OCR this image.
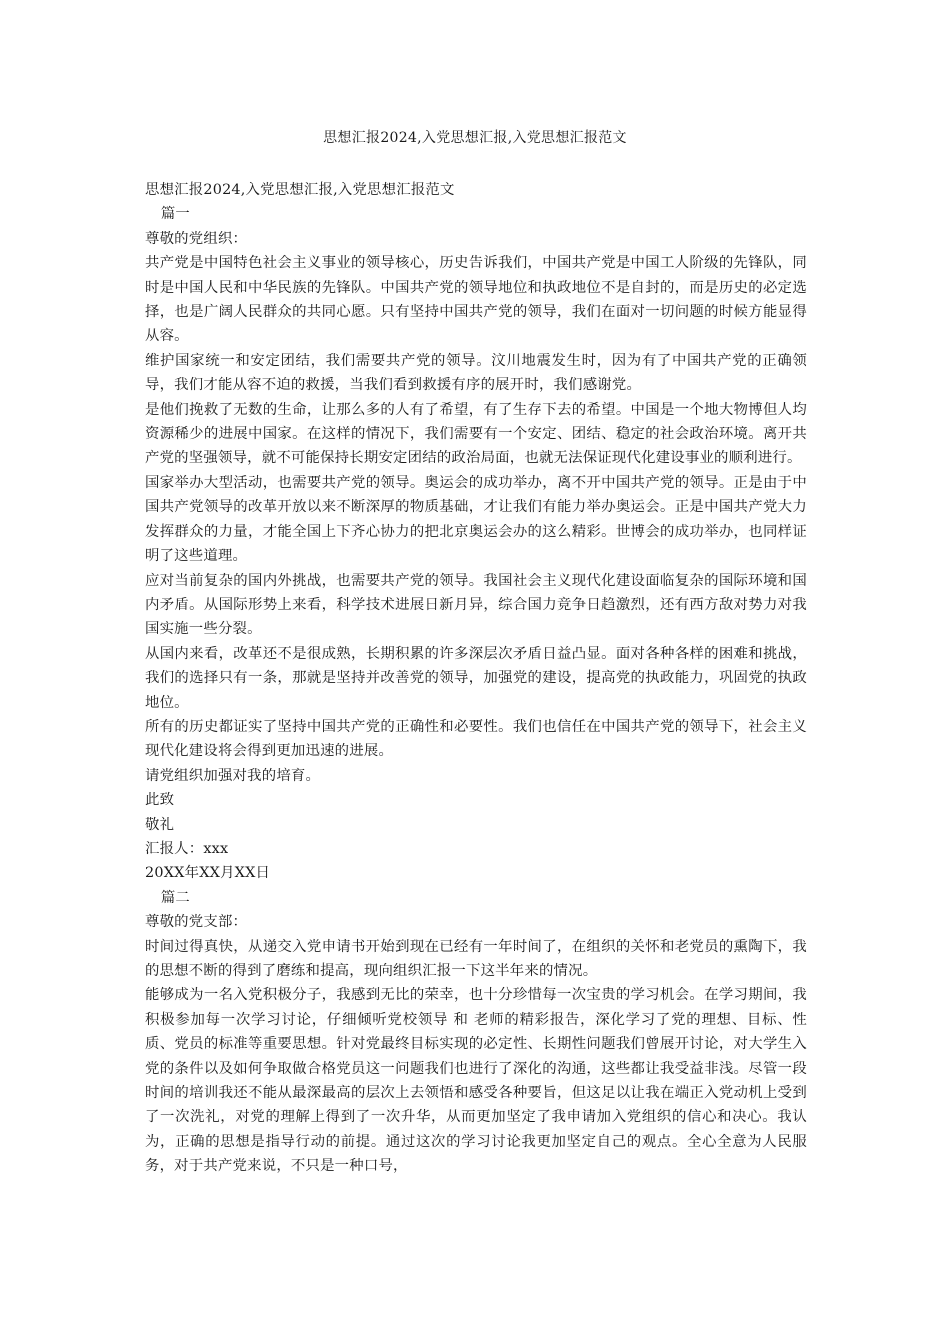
思想汇报2024,入党思想汇报,入党思想汇报范文

思想汇报2024,入党思想汇报,入党思想汇报范文

篇一

尊敬的党组织：

共产党是中国特色社会主义事业的领导核心，历史告诉我们，中国共产党是中国工人阶级的先锋队，同时是中国人民和中华民族的先锋队。中国共产党的领导地位和执政地位不是自封的，而是历史的必定选择，也是广阔人民群众的共同心愿。只有坚持中国共产党的领导，我们在面对一切问题的时候方能显得从容。

维护国家统一和安定团结，我们需要共产党的领导。汶川地震发生时，因为有了中国共产党的正确领导，我们才能从容不迫的救援，当我们看到救援有序的展开时，我们感谢党。

是他们挽救了无数的生命，让那么多的人有了希望，有了生存下去的希望。中国是一个地大物博但人均资源稀少的进展中国家。在这样的情况下，我们需要有一个安定、团结、稳定的社会政治环境。离开共产党的坚强领导，就不可能保持长期安定团结的政治局面，也就无法保证现代化建设事业的顺利进行。

国家举办大型活动，也需要共产党的领导。奥运会的成功举办，离不开中国共产党的领导。正是由于中国共产党领导的改革开放以来不断深厚的物质基础，才让我们有能力举办奥运会。正是中国共产党大力发挥群众的力量，才能全国上下齐心协力的把北京奥运会办的这么精彩。世博会的成功举办，也同样证明了这些道理。

应对当前复杂的国内外挑战，也需要共产党的领导。我国社会主义现代化建设面临复杂的国际环境和国内矛盾。从国际形势上来看，科学技术进展日新月异，综合国力竞争日趋激烈，还有西方敌对势力对我国实施一些分裂。

从国内来看，改革还不是很成熟，长期积累的许多深层次矛盾日益凸显。面对各种各样的困难和挑战，我们的选择只有一条，那就是坚持并改善党的领导，加强党的建设，提高党的执政能力，巩固党的执政地位。

所有的历史都证实了坚持中国共产党的正确性和必要性。我们也信任在中国共产党的领导下，社会主义现代化建设将会得到更加迅速的进展。

请党组织加强对我的培育。

此致

敬礼

汇报人：xxx

20XX年XX月XX日

篇二

尊敬的党支部：

时间过得真快，从递交入党申请书开始到现在已经有一年时间了，在组织的关怀和老党员的熏陶下，我的思想不断的得到了磨练和提高，现向组织汇报一下这半年来的情况。

能够成为一名入党积极分子，我感到无比的荣幸，也十分珍惜每一次宝贵的学习机会。在学习期间，我积极参加每一次学习讨论，仔细倾听党校领导 和 老师的精彩报告，深化学习了党的理想、目标、性质、党员的标准等重要思想。针对党最终目标实现的必定性、长期性问题我们曾展开讨论，对大学生入党的条件以及如何争取做合格党员这一问题我们也进行了深化的沟通，这些都让我受益非浅。尽管一段时间的培训我还不能从最深最高的层次上去领悟和感受各种要旨，但这足以让我在端正入党动机上受到了一次洗礼，对党的理解上得到了一次升华，从而更加坚定了我申请加入党组织的信心和决心。我认为，正确的思想是指导行动的前提。通过这次的学习讨论我更加坚定自己的观点。全心全意为人民服务，对于共产党来说，不只是一种口号，
